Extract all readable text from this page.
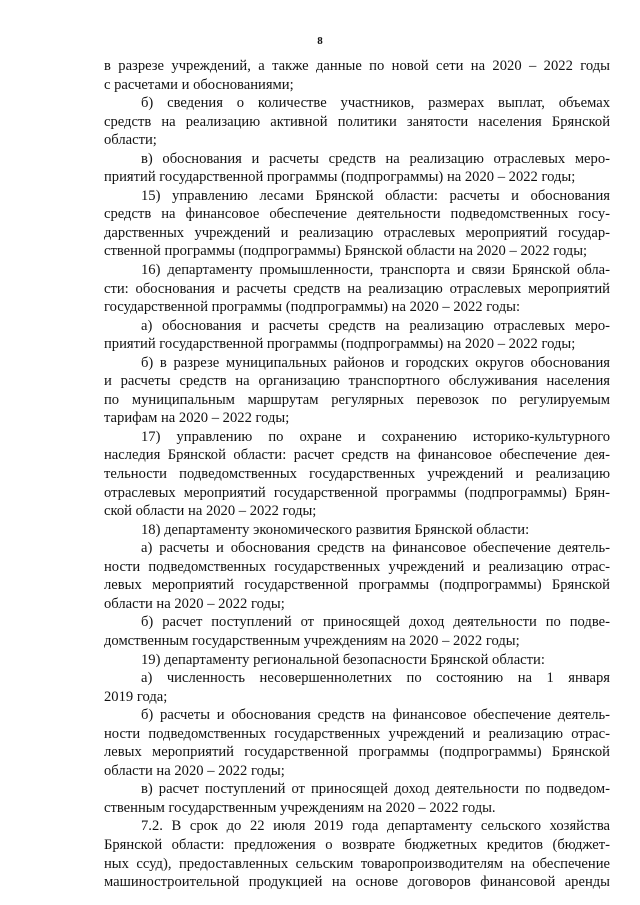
8
в разрезе учреждений, а также данные по новой сети на 2020 – 2022 годы
с расчетами и обоснованиями;
б) сведения о количестве участников, размерах выплат, объемах
средств на реализацию активной политики занятости населения Брянской
области;
в) обоснования и расчеты средств на реализацию отраслевых меро-
приятий государственной программы (подпрограммы) на 2020 – 2022 годы;
15) управлению лесами Брянской области: расчеты и обоснования
средств на финансовое обеспечение деятельности подведомственных госу-
дарственных учреждений и реализацию отраслевых мероприятий государ-
ственной программы (подпрограммы) Брянской области на 2020 – 2022 годы;
16) департаменту промышленности, транспорта и связи Брянской обла-
сти: обоснования и расчеты средств на реализацию отраслевых мероприятий
государственной программы (подпрограммы) на 2020 – 2022 годы:
а) обоснования и расчеты средств на реализацию отраслевых меро-
приятий государственной программы (подпрограммы) на 2020 – 2022 годы;
б) в разрезе муниципальных районов и городских округов обоснования
и расчеты средств на организацию транспортного обслуживания населения
по муниципальным маршрутам регулярных перевозок по регулируемым
тарифам на 2020 – 2022 годы;
17) управлению по охране и сохранению историко-культурного
наследия Брянской области: расчет средств на финансовое обеспечение дея-
тельности подведомственных государственных учреждений и реализацию
отраслевых мероприятий государственной программы (подпрограммы) Брян-
ской области на 2020 – 2022 годы;
18) департаменту экономического развития Брянской области:
а) расчеты и обоснования средств на финансовое обеспечение деятель-
ности подведомственных государственных учреждений и реализацию отрас-
левых мероприятий государственной программы (подпрограммы) Брянской
области на 2020 – 2022 годы;
б) расчет поступлений от приносящей доход деятельности по подве-
домственным государственным учреждениям на 2020 – 2022 годы;
19) департаменту региональной безопасности Брянской области:
а) численность несовершеннолетних по состоянию на 1 января
2019 года;
б) расчеты и обоснования средств на финансовое обеспечение деятель-
ности подведомственных государственных учреждений и реализацию отрас-
левых мероприятий государственной программы (подпрограммы) Брянской
области на 2020 – 2022 годы;
в) расчет поступлений от приносящей доход деятельности по подведом-
ственным государственным учреждениям на 2020 – 2022 годы.
7.2. В срок до 22 июля 2019 года департаменту сельского хозяйства
Брянской области: предложения о возврате бюджетных кредитов (бюджет-
ных ссуд), предоставленных сельским товаропроизводителям на обеспечение
машиностроительной продукцией на основе договоров финансовой аренды
